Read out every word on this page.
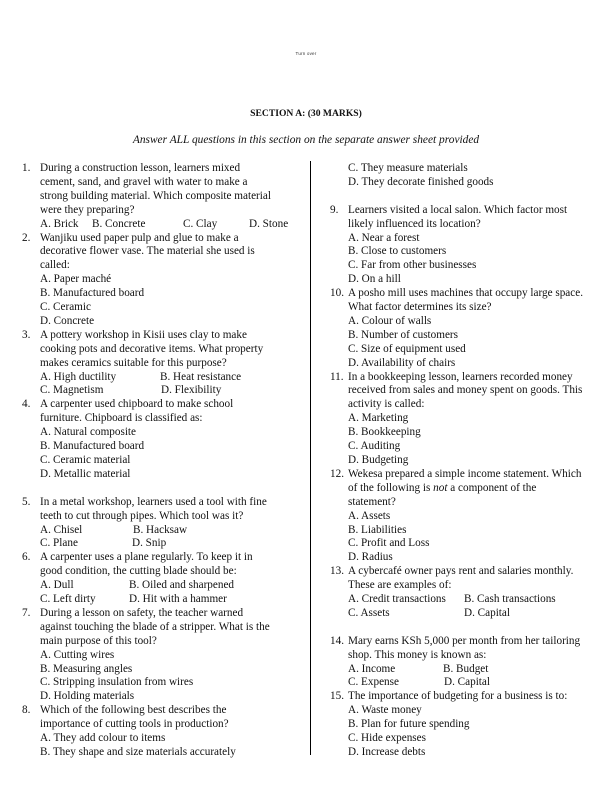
Turn over
SECTION A: (30 MARKS)
Answer ALL questions in this section on the separate answer sheet provided
1. During a construction lesson, learners mixed
cement, sand, and gravel with water to make a
strong building material. Which composite material
were they preparing?
A. Brick B. Concrete	C. Clay	D. Stone
2. Wanjiku used paper pulp and glue to make a
decorative flower vase. The material she used is
called:
A. Paper maché
B. Manufactured board
C. Ceramic
D. Concrete
3. A pottery workshop in Kisii uses clay to make
cooking pots and decorative items. What property
makes ceramics suitable for this purpose?
A. High ductility	B. Heat resistance
C. Magnetism	D. Flexibility
4. A carpenter used chipboard to make school
furniture. Chipboard is classified as:
A. Natural composite
B. Manufactured board
C. Ceramic material
D. Metallic material
5. In a metal workshop, learners used a tool with fine
teeth to cut through pipes. Which tool was it?
A. Chisel	B. Hacksaw
C. Plane	D. Snip
6. A carpenter uses a plane regularly. To keep it in
good condition, the cutting blade should be:
A. Dull	B. Oiled and sharpened
C. Left dirty	D. Hit with a hammer
7. During a lesson on safety, the teacher warned
against touching the blade of a stripper. What is the
main purpose of this tool?
A. Cutting wires
B. Measuring angles
C. Stripping insulation from wires
D. Holding materials
8. Which of the following best describes the
importance of cutting tools in production?
A. They add colour to items
B. They shape and size materials accurately
C. They measure materials
D. They decorate finished goods
9. Learners visited a local salon. Which factor most
likely influenced its location?
A. Near a forest
B. Close to customers
C. Far from other businesses
D. On a hill
10. A posho mill uses machines that occupy large space.
What factor determines its size?
A. Colour of walls
B. Number of customers
C. Size of equipment used
D. Availability of chairs
11. In a bookkeeping lesson, learners recorded money
received from sales and money spent on goods. This
activity is called:
A. Marketing
B. Bookkeeping
C. Auditing
D. Budgeting
12. Wekesa prepared a simple income statement. Which
of the following is not a component of the
statement?
A. Assets
B. Liabilities
C. Profit and Loss
D. Radius
13. A cybercafé owner pays rent and salaries monthly.
These are examples of:
A. Credit transactions B. Cash transactions
C. Assets	D. Capital
14. Mary earns KSh 5,000 per month from her tailoring
shop. This money is known as:
A. Income	B. Budget
C. Expense	D. Capital
15. The importance of budgeting for a business is to:
A. Waste money
B. Plan for future spending
C. Hide expenses
D. Increase debts
